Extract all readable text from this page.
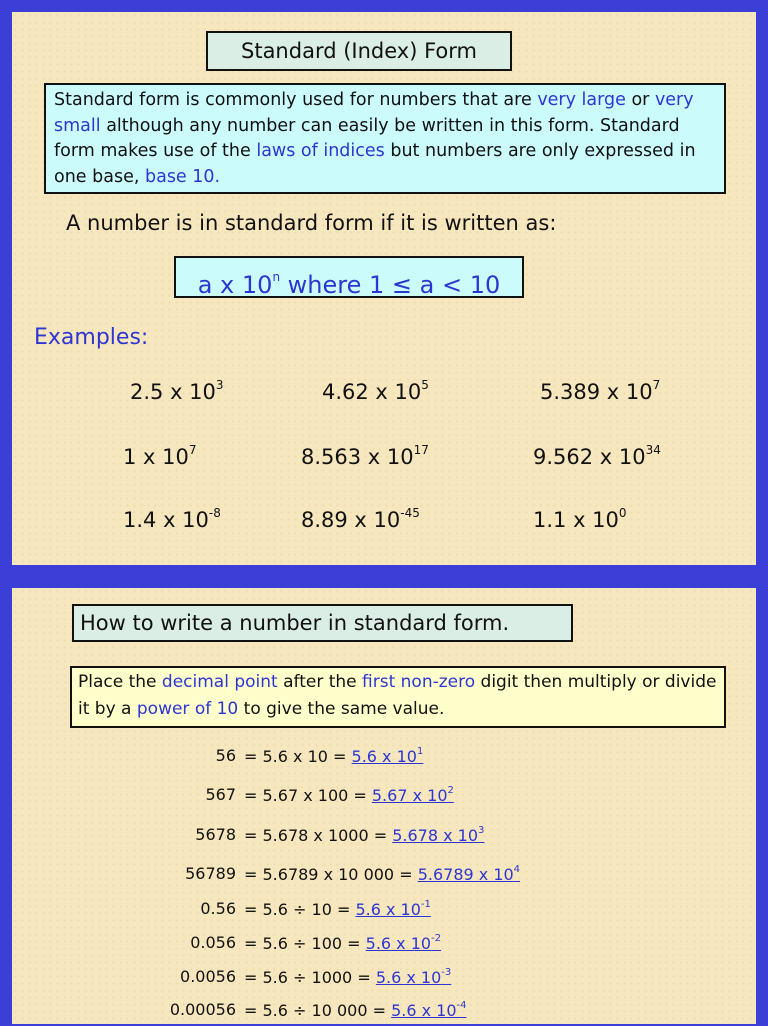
Standard (Index) Form
Standard form is commonly used for numbers that are very large or very small although any number can easily be written in this form. Standard form makes use of the laws of indices but numbers are only expressed in one base, base 10.
A number is in standard form if it is written as:
a x 10$^n$ where 1 ≤ a < 10
Examples:
2.5 x $10^3$	4.62 x $10^5$	5.389 x $10^7$
1 x $10^7$	8.563 x $10^{17}$	9.562 x $10^{34}$
1.4 x $10^{-8}$	8.89 x $10^{-45}$	1.1 x $10^0$
How to write a number in standard form.
Place the decimal point after the first non-zero digit then multiply or divide it by a power of 10 to give the same value.
56 = 5.6 x 10 = 5.6 x $10^1$
567 = 5.67 x 100 = 5.67 x $10^2$
5678 = 5.678 x 1000 = 5.678 x $10^3$
56789 = 5.6789 x 10 000 = 5.6789 x $10^4$
0.56 = 5.6 ÷ 10 = 5.6 x $10^{-1}$
0.056 = 5.6 ÷ 100 = 5.6 x $10^{-2}$
0.0056 = 5.6 ÷ 1000 = 5.6 x $10^{-3}$
0.00056 = 5.6 ÷ 10 000 = 5.6 x $10^{-4}$
